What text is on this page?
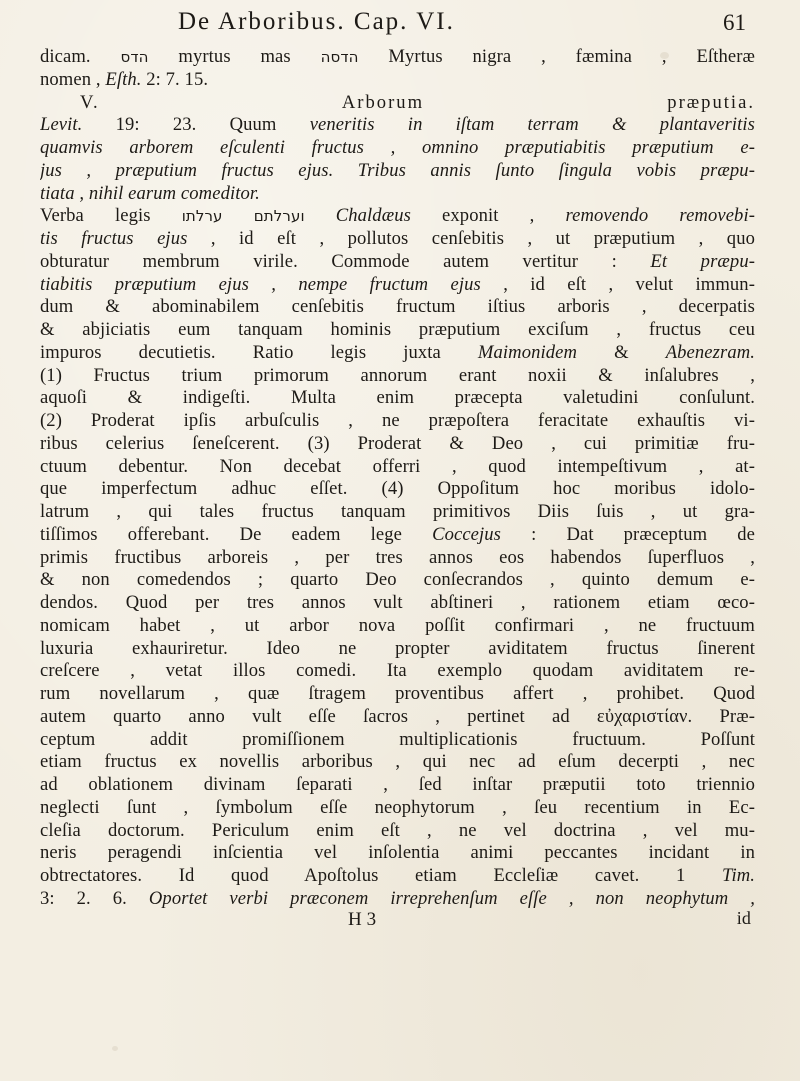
De Arboribus. Cap. VI.	61
dicam. הדס myrtus mas הדסה Myrtus nigra , fæmina , Eſtheræ
nomen , Eſth. 2: 7. 15.
V. Arborum præputia.
Levit. 19: 23. Quum veneritis in iſtam terram & plantaveritis
quamvis arborem eſculenti fructus , omnino præputiabitis præputium e-
jus , præputium fructus ejus. Tribus annis ſunto ſingula vobis præpu-
tiata , nihil earum comeditor.
Verba legis וערלתם ערלתו Chaldæus exponit , removendo removebi-
tis fructus ejus , id eſt , pollutos cenſebitis , ut præputium , quo
obturatur membrum virile. Commode autem vertitur : Et præpu-
tiabitis præputium ejus , nempe fructum ejus , id eſt , velut immun-
dum & abominabilem cenſebitis fructum iſtius arboris , decerpatis
& abjiciatis eum tanquam hominis præputium exciſum , fructus ceu
impuros decutietis. Ratio legis juxta Maimonidem & Abenezram.
(1) Fructus trium primorum annorum erant noxii & inſalubres ,
aquoſi & indigeſti. Multa enim præcepta valetudini conſulunt.
(2) Proderat ipſis arbuſculis , ne præpoſtera feracitate exhauſtis vi-
ribus celerius ſeneſcerent. (3) Proderat & Deo , cui primitiæ fru-
ctuum debentur. Non decebat offerri , quod intempeſtivum , at-
que imperfectum adhuc eſſet. (4) Oppoſitum hoc moribus idolo-
latrum , qui tales fructus tanquam primitivos Diis ſuis , ut gra-
tiſſimos offerebant. De eadem lege Coccejus : Dat præceptum de
primis fructibus arboreis , per tres annos eos habendos ſuperfluos ,
& non comedendos ; quarto Deo conſecrandos , quinto demum e-
dendos. Quod per tres annos vult abſtineri , rationem etiam œco-
nomicam habet , ut arbor nova poſſit confirmari , ne fructuum
luxuria exhauriretur. Ideo ne propter aviditatem fructus ſinerent
creſcere , vetat illos comedi. Ita exemplo quodam aviditatem re-
rum novellarum , quæ ſtragem proventibus affert , prohibet. Quod
autem quarto anno vult eſſe ſacros , pertinet ad εὐχαριστίαν. Præ-
ceptum addit promiſſionem multiplicationis fructuum. Poſſunt
etiam fructus ex novellis arboribus , qui nec ad eſum decerpti , nec
ad oblationem divinam ſeparati , ſed inſtar præputii toto triennio
neglecti ſunt , ſymbolum eſſe neophytorum , ſeu recentium in Ec-
cleſia doctorum. Periculum enim eſt , ne vel doctrina , vel mu-
neris peragendi inſcientia vel inſolentia animi peccantes incidant in
obtrectatores. Id quod Apoſtolus etiam Eccleſiæ cavet. 1 Tim.
3: 2. 6. Oportet verbi præconem irreprehenſum eſſe , non neophytum ,
H 3	id
